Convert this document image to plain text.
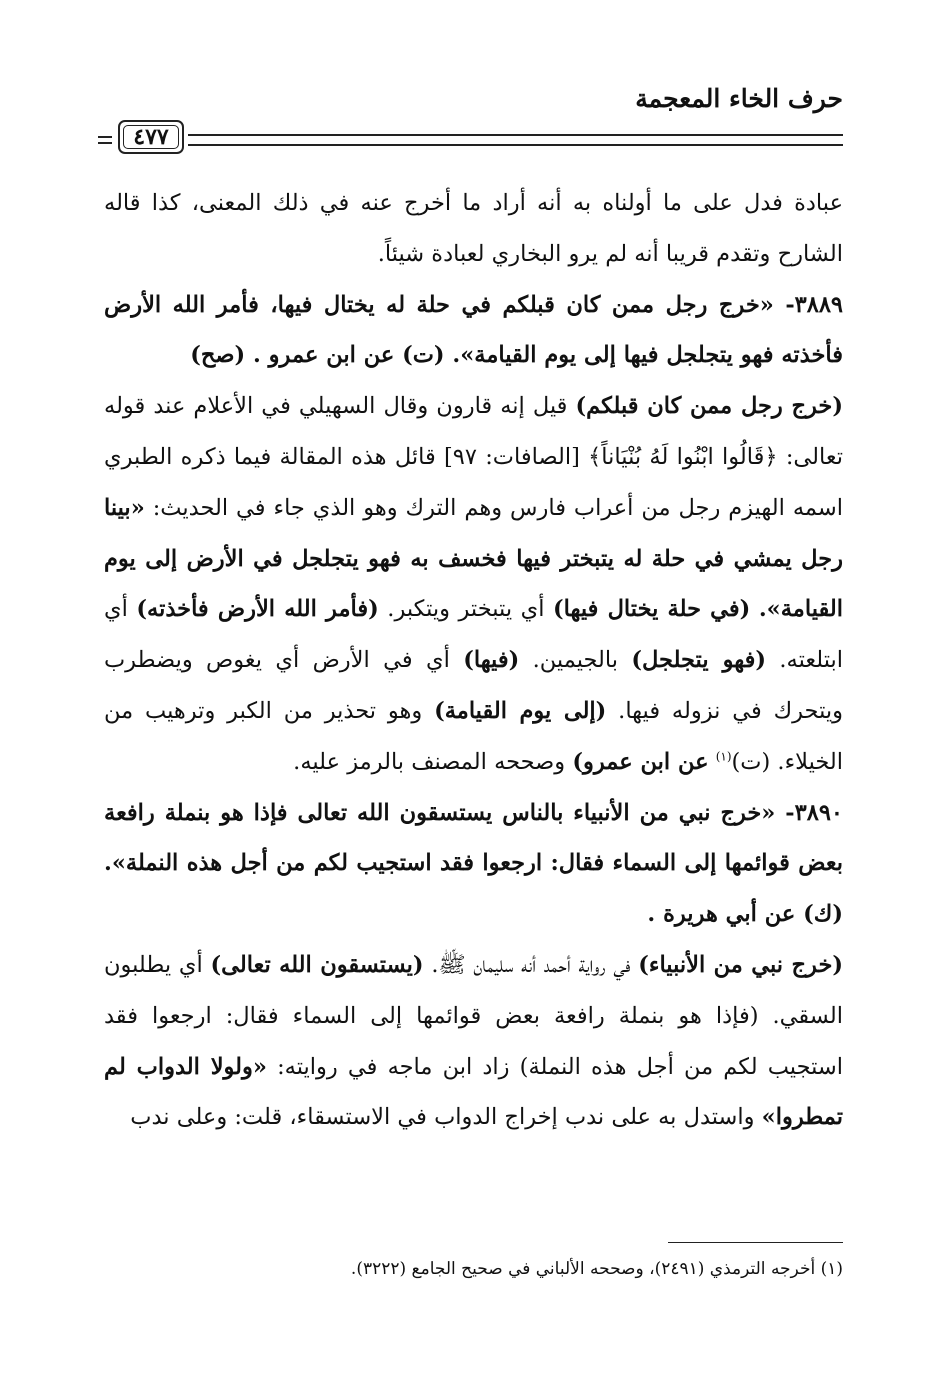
حرف الخاء المعجمة
٤٧٧

عبادة فدل على ما أولناه به أنه أراد ما أخرج عنه في ذلك المعنى، كذا قاله الشارح وتقدم قريبا أنه لم يرو البخاري لعبادة شيئاً.

٣٨٨٩- «خرج رجل ممن كان قبلكم في حلة له يختال فيها، فأمر الله الأرض فأخذته فهو يتجلجل فيها إلى يوم القيامة». (ت) عن ابن عمرو . (صح)

(خرج رجل ممن كان قبلكم) قيل إنه قارون وقال السهيلي في الأعلام عند قوله تعالى: ﴿قَالُوا ابْنُوا لَهُ بُنْيَاناً﴾ [الصافات: ٩٧] قائل هذه المقالة فيما ذكره الطبري اسمه الهيزم رجل من أعراب فارس وهم الترك وهو الذي جاء في الحديث: «بينا رجل يمشي في حلة له يتبختر فيها فخسف به فهو يتجلجل في الأرض إلى يوم القيامة». (في حلة يختال فيها) أي يتبختر ويتكبر. (فأمر الله الأرض فأخذته) أي ابتلعته. (فهو يتجلجل) بالجيمين. (فيها) أي في الأرض أي يغوص ويضطرب ويتحرك في نزوله فيها. (إلى يوم القيامة) وهو تحذير من الكبر وترهيب من الخيلاء. (ت)$^{(١)}$ عن ابن عمرو) وصححه المصنف بالرمز عليه.

٣٨٩٠- «خرج نبي من الأنبياء بالناس يستسقون الله تعالى فإذا هو بنملة رافعة بعض قوائمها إلى السماء فقال: ارجعوا فقد استجيب لكم من أجل هذه النملة». (ك) عن أبي هريرة .

(خرج نبي من الأنبياء) في رواية أحمد أنه سليمان ﷺ. (يستسقون الله تعالى) أي يطلبون السقي. (فإذا هو بنملة رافعة بعض قوائمها إلى السماء فقال: ارجعوا فقد استجيب لكم من أجل هذه النملة) زاد ابن ماجه في روايته: «ولولا الدواب لم تمطروا» واستدل به على ندب إخراج الدواب في الاستسقاء، قلت: وعلى ندب

(١) أخرجه الترمذي (٢٤٩١)، وصححه الألباني في صحيح الجامع (٣٢٢٢).
